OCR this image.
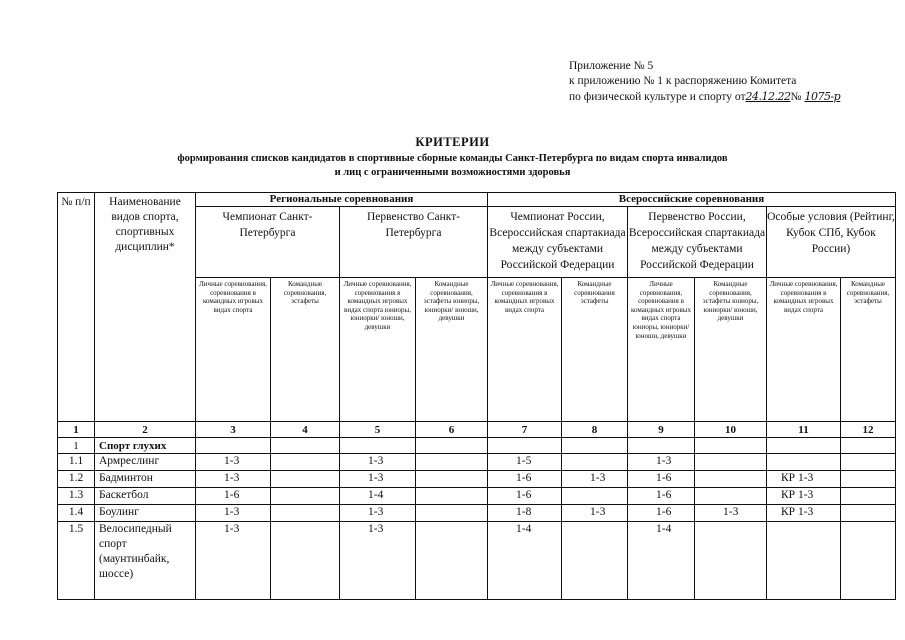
Приложение № 5
к приложению № 1 к распоряжению Комитета
по физической культуре и спорту от 24.12.22 № 1075-р
КРИТЕРИИ
формирования списков кандидатов в спортивные сборные команды Санкт-Петербурга по видам спорта инвалидов
и лиц с ограниченными возможностями здоровья
№ п/п	Наименование видов спорта, спортивных дисциплин*	Региональные соревнования				Всероссийские соревнования					
		Чемпионат Санкт-Петербурга		Первенство Санкт-Петербурга		Чемпионат России, Всероссийская спартакиада между субъектами Российской Федерации		Первенство России, Всероссийская спартакиада между субъектами Российской Федерации		Особые условия (Рейтинг, Кубок СПб, Кубок России)	
		Личные соревнования, соревнования в командных игровых видах спорта	Командные соревнования, эстафеты	Личные соревнования, соревнования в командных игровых видах спорта юниоры, юниорки/ юноши, девушки	Командные соревнования, эстафеты юниоры, юниорки/ юноши, девушки	Личные соревнования, соревнования в командных игровых видах спорта	Командные соревнования эстафеты	Личные соревнования, соревнования в командных игровых видах спорта юниоры, юниорки/ юноши, девушки	Командные соревнования, эстафеты юниоры, юниорки/ юноши, девушки	Личные соревнования, соревнования в командных игровых видах спорта	Командные соревнования, эстафеты
1	2	3	4	5	6	7	8	9	10	11	12
1	Спорт глухих										
1.1	Армреслинг	1-3		1-3		1-5		1-3			
1.2	Бадминтон	1-3		1-3		1-6	1-3	1-6		КР 1-3	
1.3	Баскетбол	1-6		1-4		1-6		1-6		КР 1-3	
1.4	Боулинг	1-3		1-3		1-8	1-3	1-6	1-3	КР 1-3	
1.5	Велосипедный спорт (маунтинбайк, шоссе)	1-3		1-3		1-4		1-4			
